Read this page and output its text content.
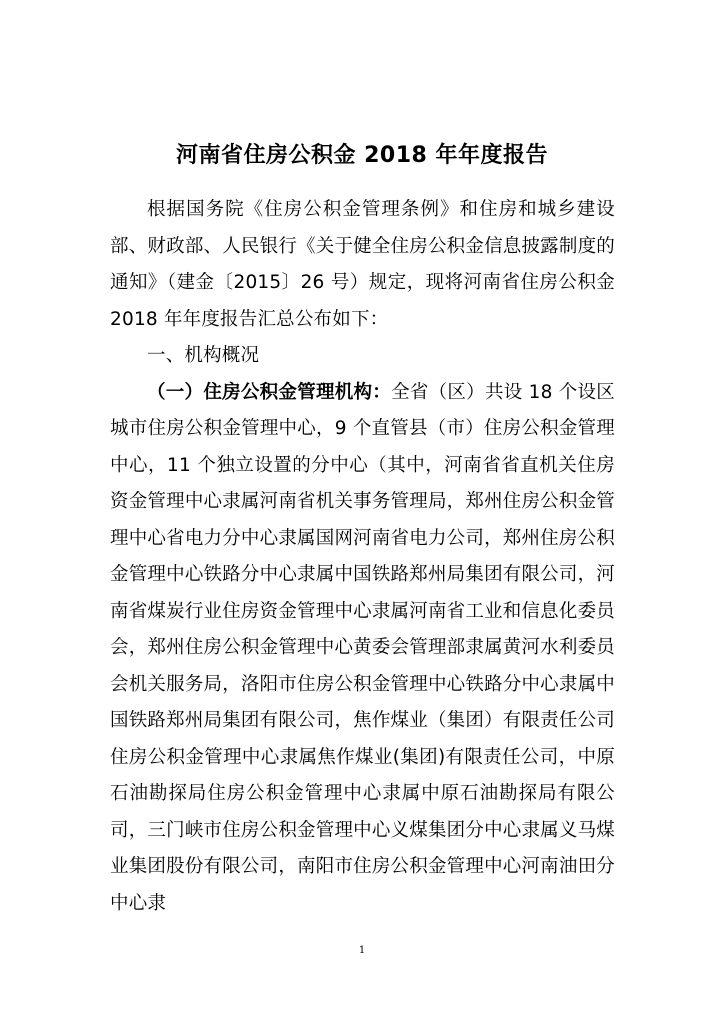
河南省住房公积金 2018 年年度报告

根据国务院《住房公积金管理条例》和住房和城乡建设部、财政部、人民银行《关于健全住房公积金信息披露制度的通知》（建金〔2015〕26 号）规定，现将河南省住房公积金 2018 年年度报告汇总公布如下：

一、机构概况

（一）住房公积金管理机构：全省（区）共设 18 个设区城市住房公积金管理中心，9 个直管县（市）住房公积金管理中心，11 个独立设置的分中心（其中，河南省省直机关住房资金管理中心隶属河南省机关事务管理局，郑州住房公积金管理中心省电力分中心隶属国网河南省电力公司，郑州住房公积金管理中心铁路分中心隶属中国铁路郑州局集团有限公司，河南省煤炭行业住房资金管理中心隶属河南省工业和信息化委员会，郑州住房公积金管理中心黄委会管理部隶属黄河水利委员会机关服务局，洛阳市住房公积金管理中心铁路分中心隶属中国铁路郑州局集团有限公司，焦作煤业（集团）有限责任公司住房公积金管理中心隶属焦作煤业(集团)有限责任公司，中原石油勘探局住房公积金管理中心隶属中原石油勘探局有限公司，三门峡市住房公积金管理中心义煤集团分中心隶属义马煤业集团股份有限公司，南阳市住房公积金管理中心河南油田分中心隶

1
